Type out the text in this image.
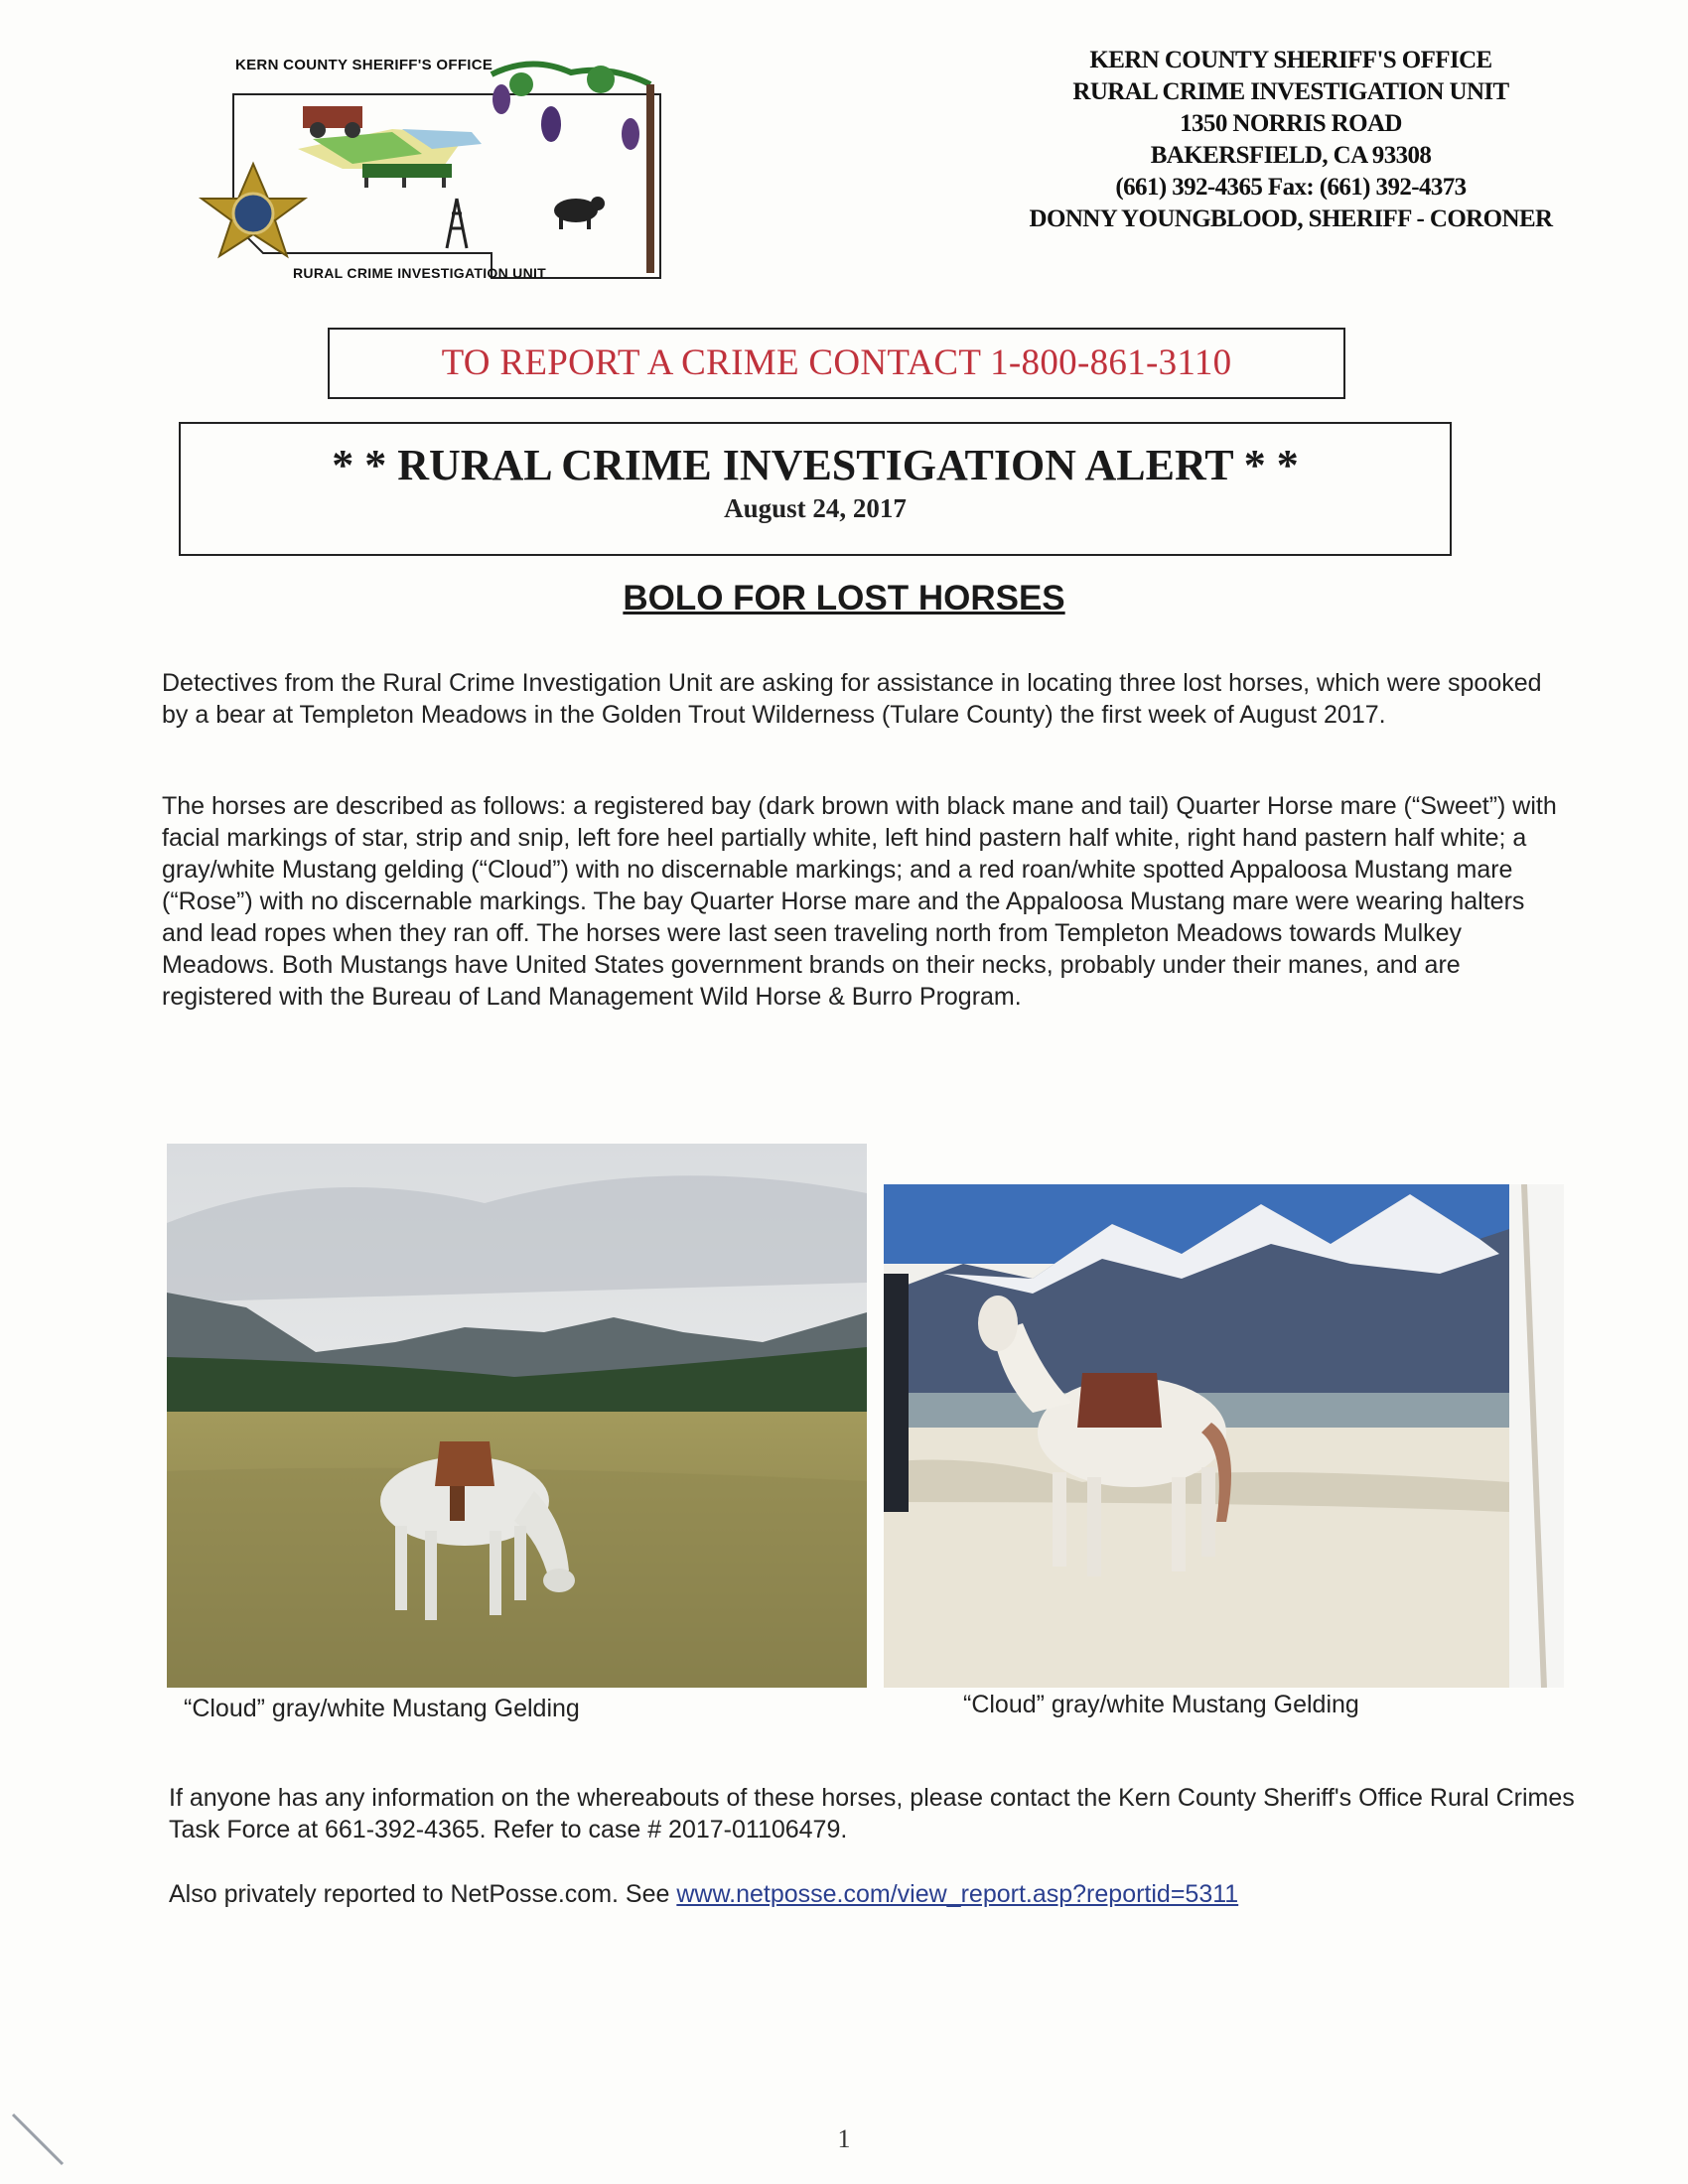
KERN COUNTY SHERIFF'S OFFICE
RURAL CRIME INVESTIGATION UNIT
KERN COUNTY SHERIFF'S OFFICE
RURAL CRIME INVESTIGATION UNIT
1350 NORRIS ROAD
BAKERSFIELD, CA 93308
(661) 392-4365 Fax: (661) 392-4373
DONNY YOUNGBLOOD, SHERIFF - CORONER
TO REPORT A CRIME CONTACT 1-800-861-3110
* * RURAL CRIME INVESTIGATION ALERT * *
August 24, 2017
BOLO FOR LOST HORSES
Detectives from the Rural Crime Investigation Unit are asking for assistance in locating three lost horses, which were spooked by a bear at Templeton Meadows in the Golden Trout Wilderness (Tulare County) the first week of August 2017.
The horses are described as follows: a registered bay (dark brown with black mane and tail) Quarter Horse mare (“Sweet”) with facial markings of star, strip and snip, left fore heel partially white, left hind pastern half white, right hand pastern half white; a gray/white Mustang gelding (“Cloud”) with no discernable markings; and a red roan/white spotted Appaloosa Mustang mare (“Rose”) with no discernable markings. The bay Quarter Horse mare and the Appaloosa Mustang mare were wearing halters and lead ropes when they ran off. The horses were last seen traveling north from Templeton Meadows towards Mulkey Meadows. Both Mustangs have United States government brands on their necks, probably under their manes, and are registered with the Bureau of Land Management Wild Horse & Burro Program.
“Cloud” gray/white Mustang Gelding	“Cloud” gray/white Mustang Gelding
If anyone has any information on the whereabouts of these horses, please contact the Kern County Sheriff's Office Rural Crimes Task Force at 661-392-4365. Refer to case # 2017-01106479.
Also privately reported to NetPosse.com. See www.netposse.com/view_report.asp?reportid=5311
1
